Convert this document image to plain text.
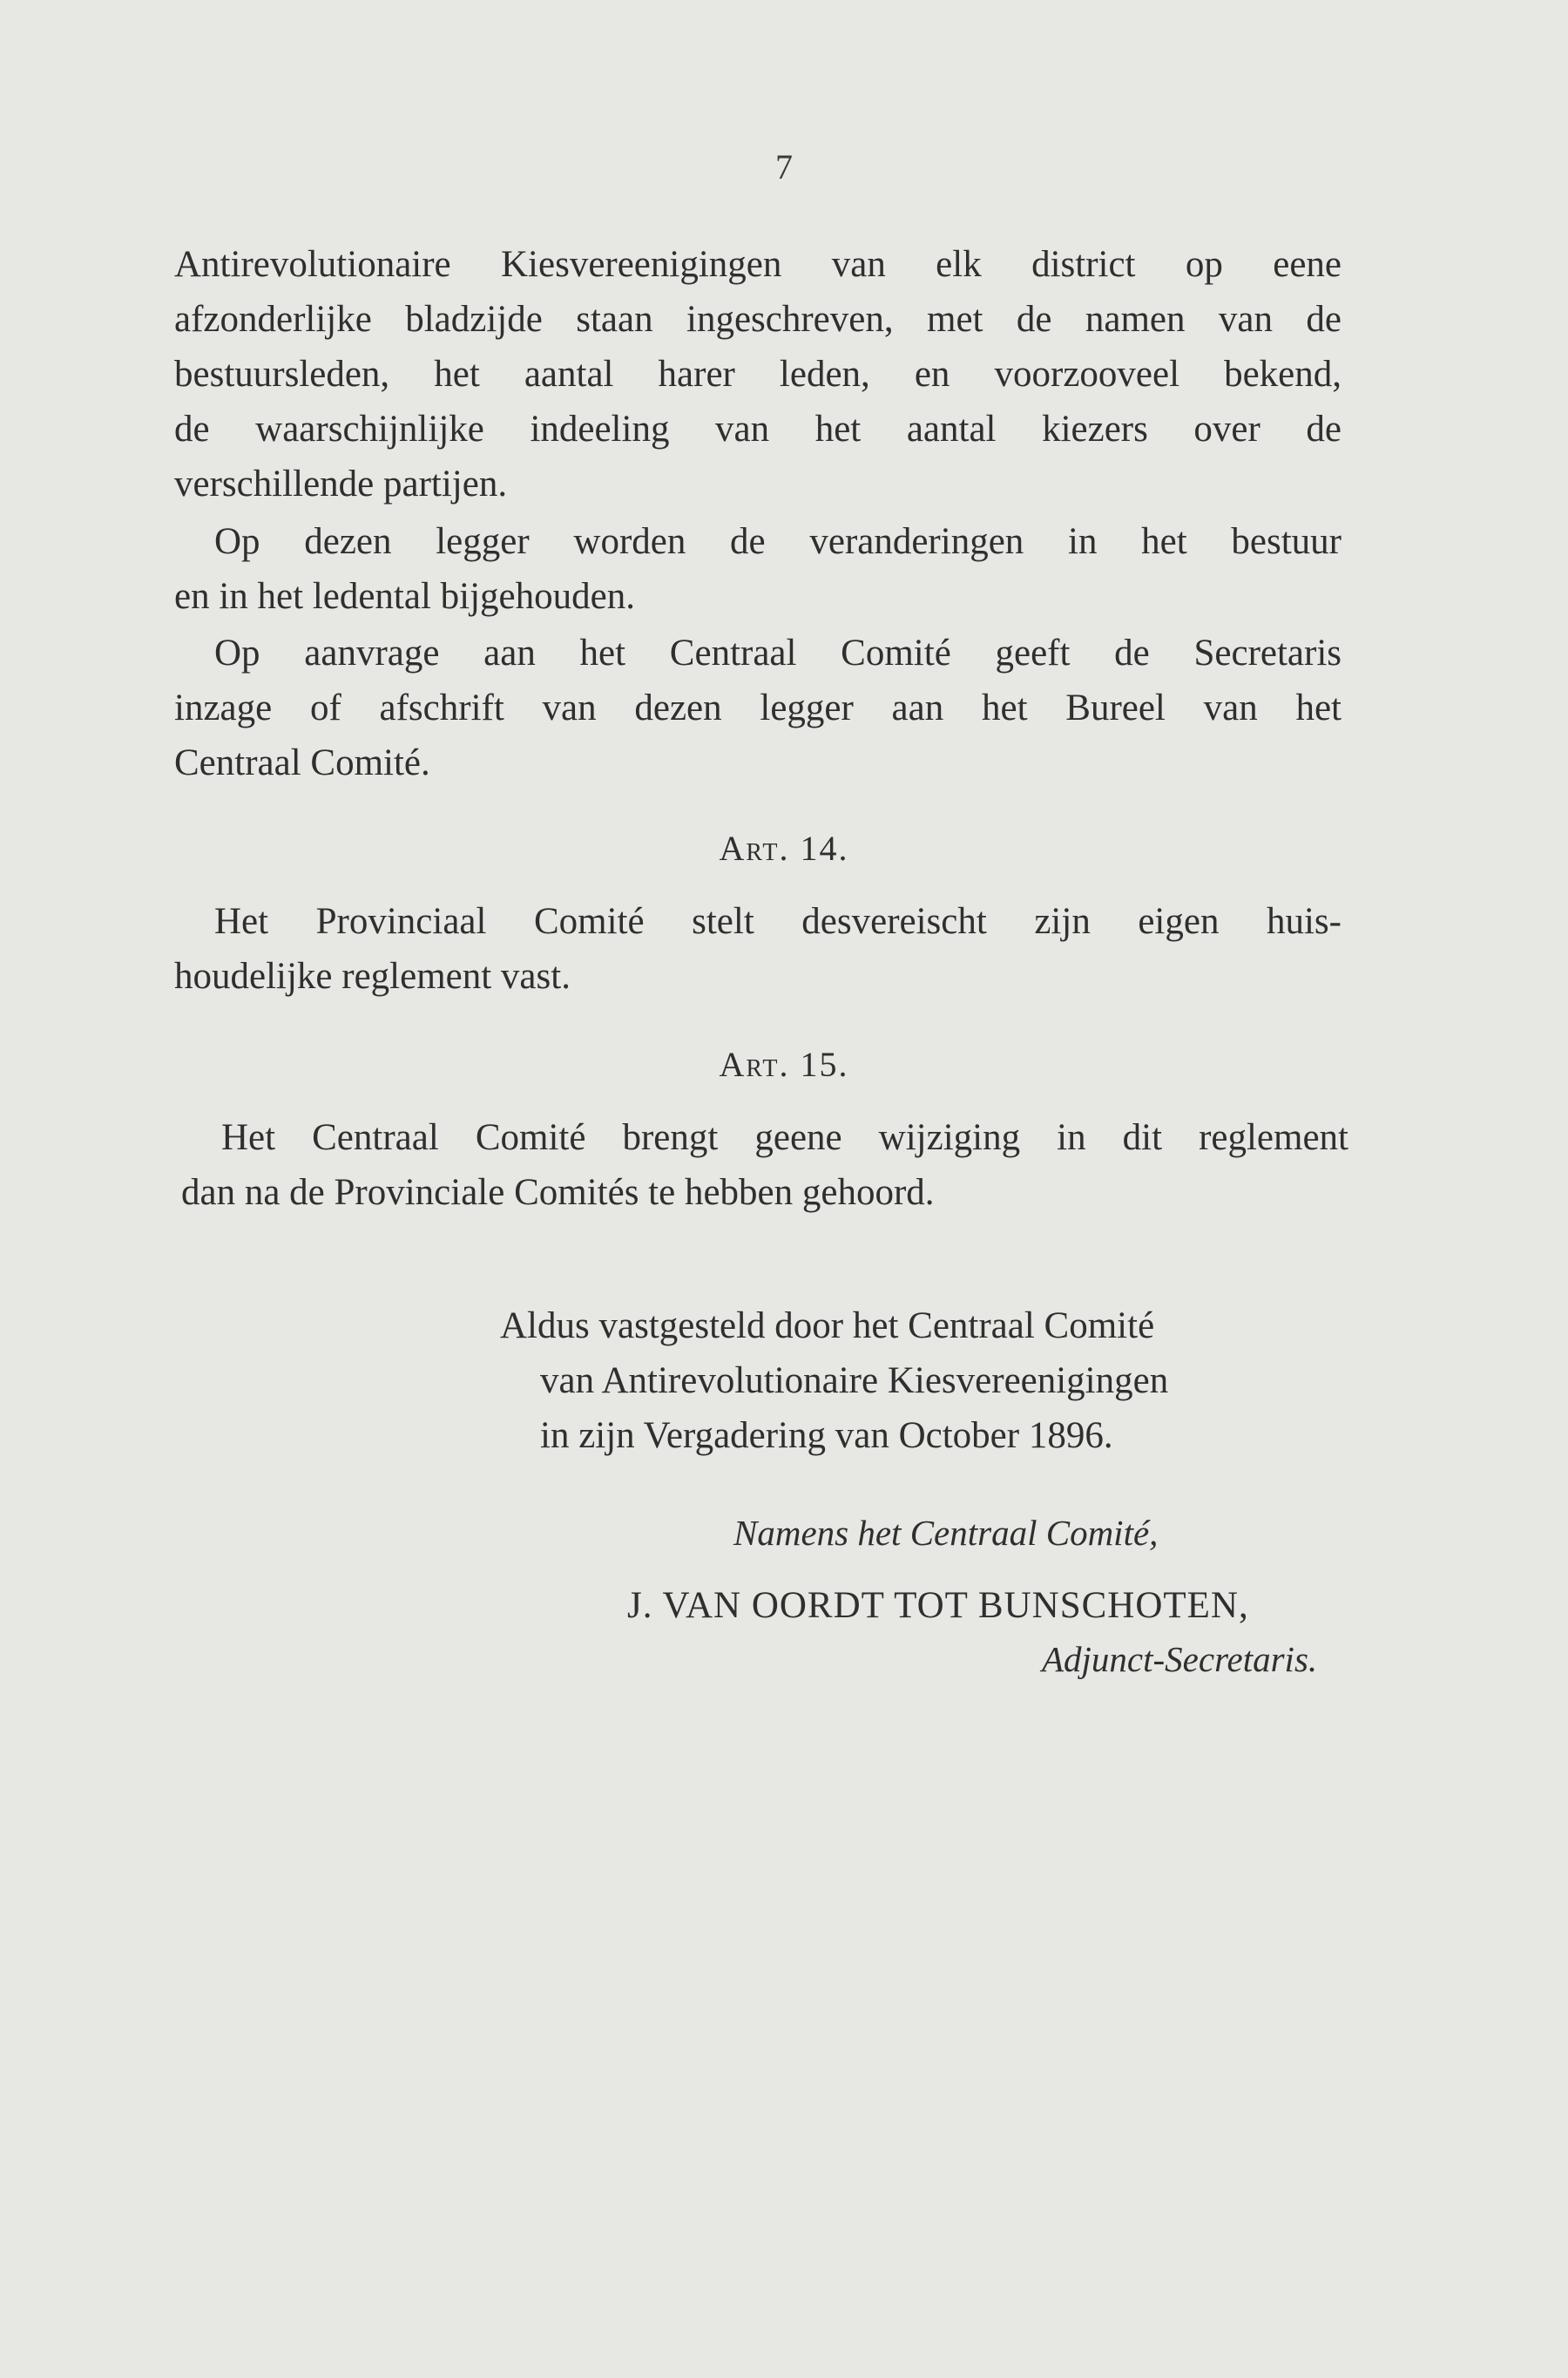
7
Antirevolutionaire Kiesvereenigingen van elk district op eene
afzonderlijke bladzijde staan ingeschreven, met de namen van de
bestuursleden, het aantal harer leden, en voorzooveel bekend,
de waarschijnlijke indeeling van het aantal kiezers over de
verschillende partijen.
Op dezen legger worden de veranderingen in het bestuur
en in het ledental bijgehouden.
Op aanvrage aan het Centraal Comité geeft de Secretaris
inzage of afschrift van dezen legger aan het Bureel van het
Centraal Comité.
Art. 14.
Het Provinciaal Comité stelt desvereischt zijn eigen huis-
houdelijke reglement vast.
Art. 15.
Het Centraal Comité brengt geene wijziging in dit reglement
dan na de Provinciale Comités te hebben gehoord.
Aldus vastgesteld door het Centraal Comité
van Antirevolutionaire Kiesvereenigingen
in zijn Vergadering van October 1896.
Namens het Centraal Comité,
J. VAN OORDT TOT BUNSCHOTEN,
Adjunct-Secretaris.
